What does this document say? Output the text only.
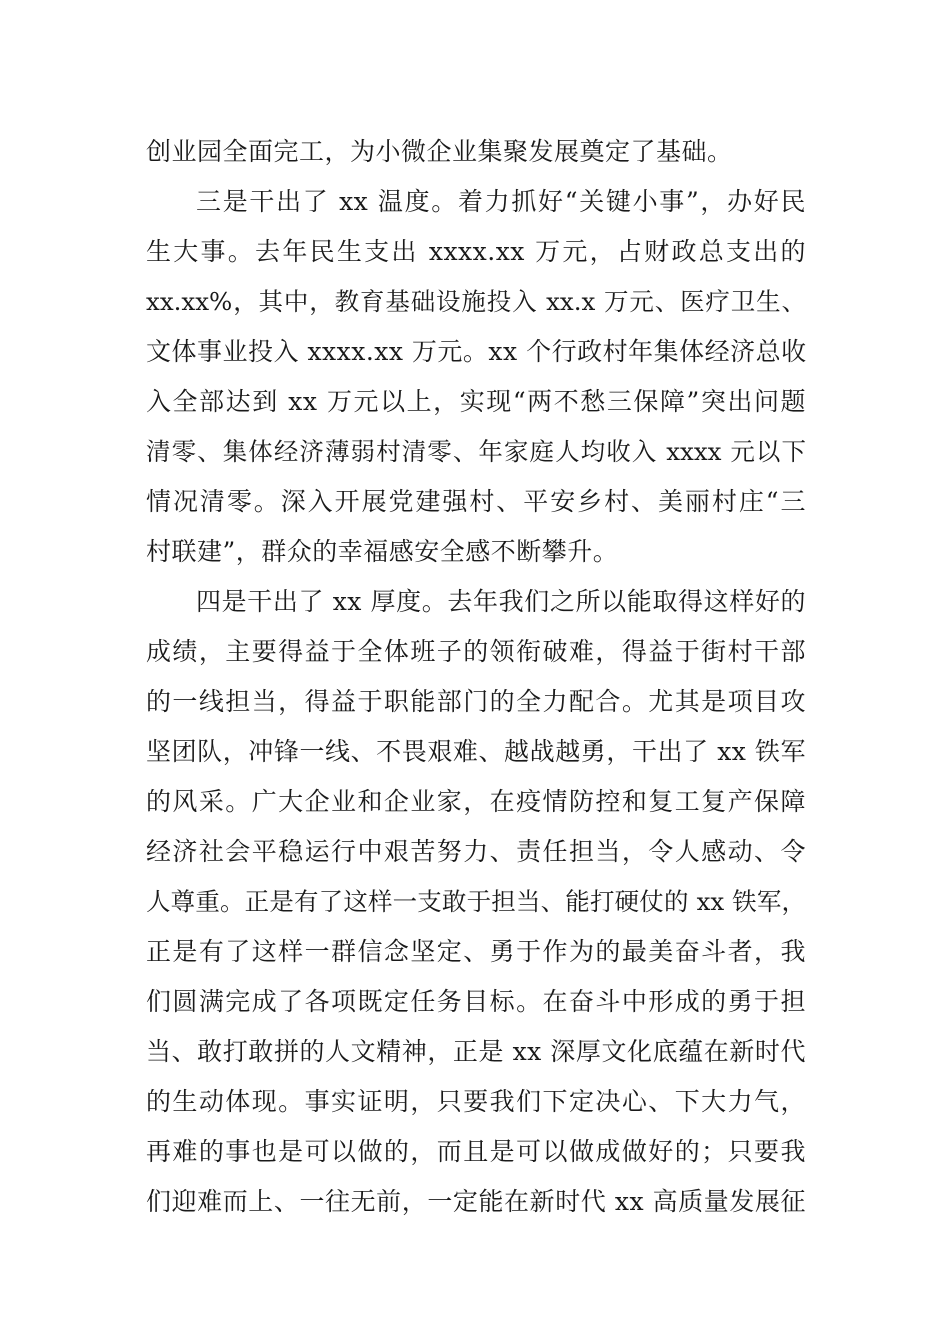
创业园全面完工，为小微企业集聚发展奠定了基础。
三是干出了 xx 温度。着力抓好“关键小事”，办好民
生大事。去年民生支出 xxxx.xx 万元，占财政总支出的
xx.xx%，其中，教育基础设施投入 xx.x 万元、医疗卫生、
文体事业投入 xxxx.xx 万元。xx 个行政村年集体经济总收
入全部达到 xx 万元以上，实现“两不愁三保障”突出问题
清零、集体经济薄弱村清零、年家庭人均收入 xxxx 元以下
情况清零。深入开展党建强村、平安乡村、美丽村庄“三
村联建”，群众的幸福感安全感不断攀升。
四是干出了 xx 厚度。去年我们之所以能取得这样好的
成绩，主要得益于全体班子的领衔破难，得益于街村干部
的一线担当，得益于职能部门的全力配合。尤其是项目攻
坚团队，冲锋一线、不畏艰难、越战越勇，干出了 xx 铁军
的风采。广大企业和企业家，在疫情防控和复工复产保障
经济社会平稳运行中艰苦努力、责任担当，令人感动、令
人尊重。正是有了这样一支敢于担当、能打硬仗的 xx 铁军，
正是有了这样一群信念坚定、勇于作为的最美奋斗者，我
们圆满完成了各项既定任务目标。在奋斗中形成的勇于担
当、敢打敢拼的人文精神，正是 xx 深厚文化底蕴在新时代
的生动体现。事实证明，只要我们下定决心、下大力气，
再难的事也是可以做的，而且是可以做成做好的；只要我
们迎难而上、一往无前，一定能在新时代 xx 高质量发展征
